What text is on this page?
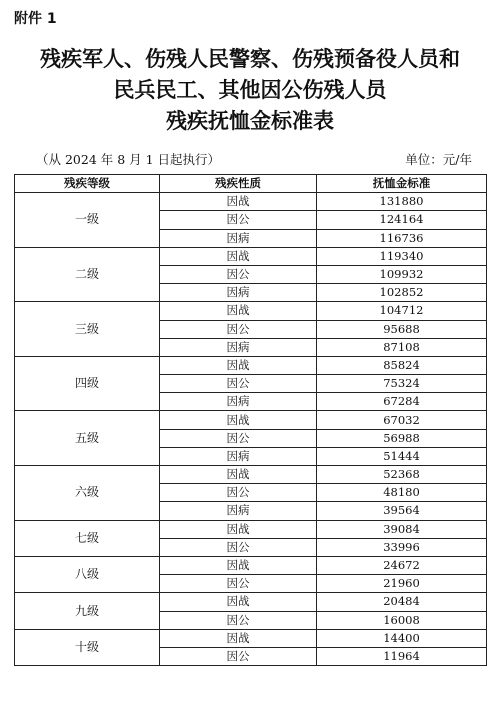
附件 1
残疾军人、伤残人民警察、伤残预备役人员和
民兵民工、其他因公伤残人员
残疾抚恤金标准表
（从 2024 年 8 月 1 日起执行）	单位：元/年
残疾等级	残疾性质	抚恤金标准
一级	因战	131880
	因公	124164
	因病	116736
二级	因战	119340
	因公	109932
	因病	102852
三级	因战	104712
	因公	95688
	因病	87108
四级	因战	85824
	因公	75324
	因病	67284
五级	因战	67032
	因公	56988
	因病	51444
六级	因战	52368
	因公	48180
	因病	39564
七级	因战	39084
	因公	33996
八级	因战	24672
	因公	21960
九级	因战	20484
	因公	16008
十级	因战	14400
	因公	11964
